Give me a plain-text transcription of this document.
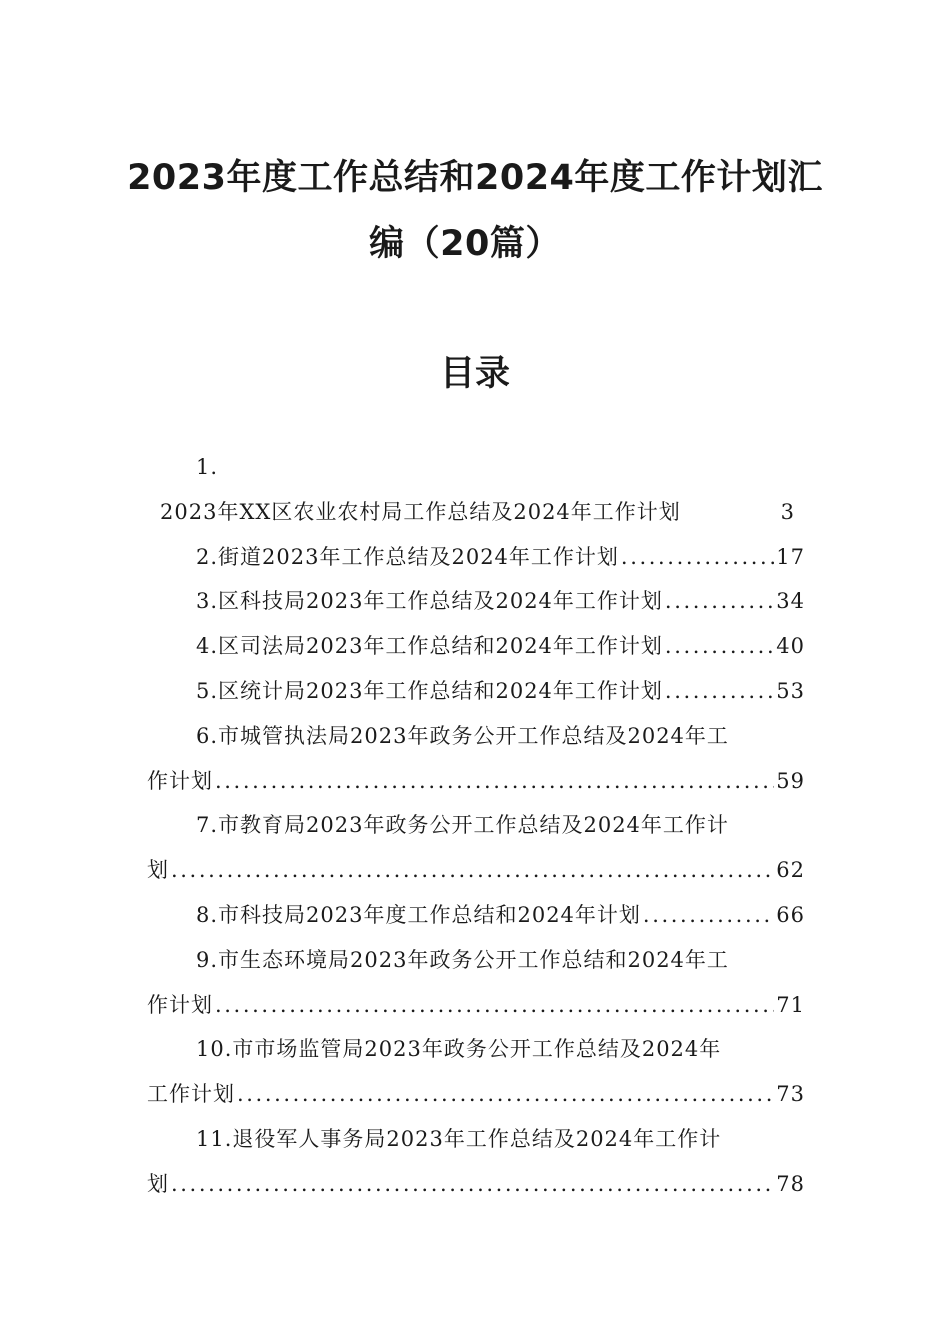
2023年度工作总结和2024年度工作计划汇
编（20篇）
目录
1.
2023年XX区农业农村局工作总结及2024年工作计划	3
2.街道2023年工作总结及2024年工作计划 .....	17
3.区科技局2023年工作总结及2024年工作计划 .....	34
4.区司法局2023年工作总结和2024年工作计划 .....	40
5.区统计局2023年工作总结和2024年工作计划 .....	53
6.市城管执法局2023年政务公开工作总结及2024年工
作计划 .....	59
7.市教育局2023年政务公开工作总结及2024年工作计
划 .....	62
8.市科技局2023年度工作总结和2024年计划 .....	66
9.市生态环境局2023年政务公开工作总结和2024年工
作计划 .....	71
10.市市场监管局2023年政务公开工作总结及2024年
工作计划 .....	73
11.退役军人事务局2023年工作总结及2024年工作计
划 .....	78
